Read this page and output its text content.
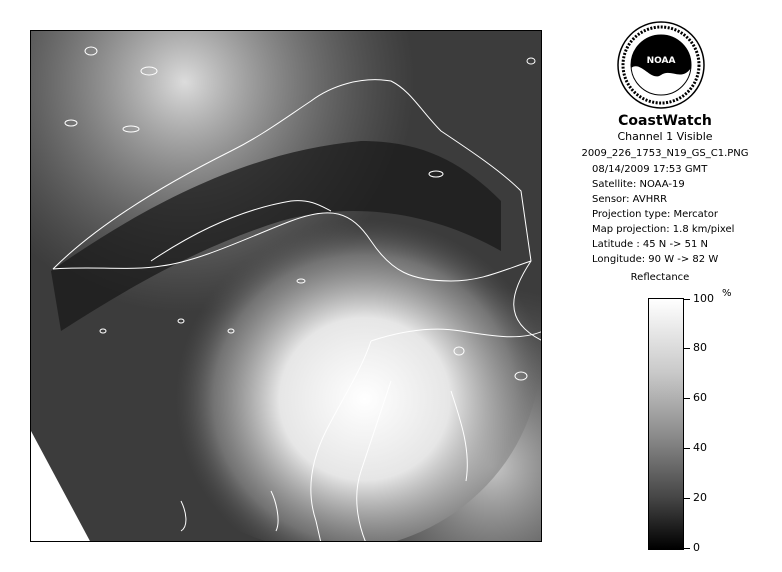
NOAA
CoastWatch
Channel 1 Visible
2009_226_1753_N19_GS_C1.PNG
08/14/2009 17:53 GMT
Satellite: NOAA-19
Sensor: AVHRR
Projection type: Mercator
Map projection: 1.8 km/pixel
Latitude : 45 N -> 51 N
Longitude: 90 W -> 82 W
Reflectance
%
100
80
60
40
20
0
